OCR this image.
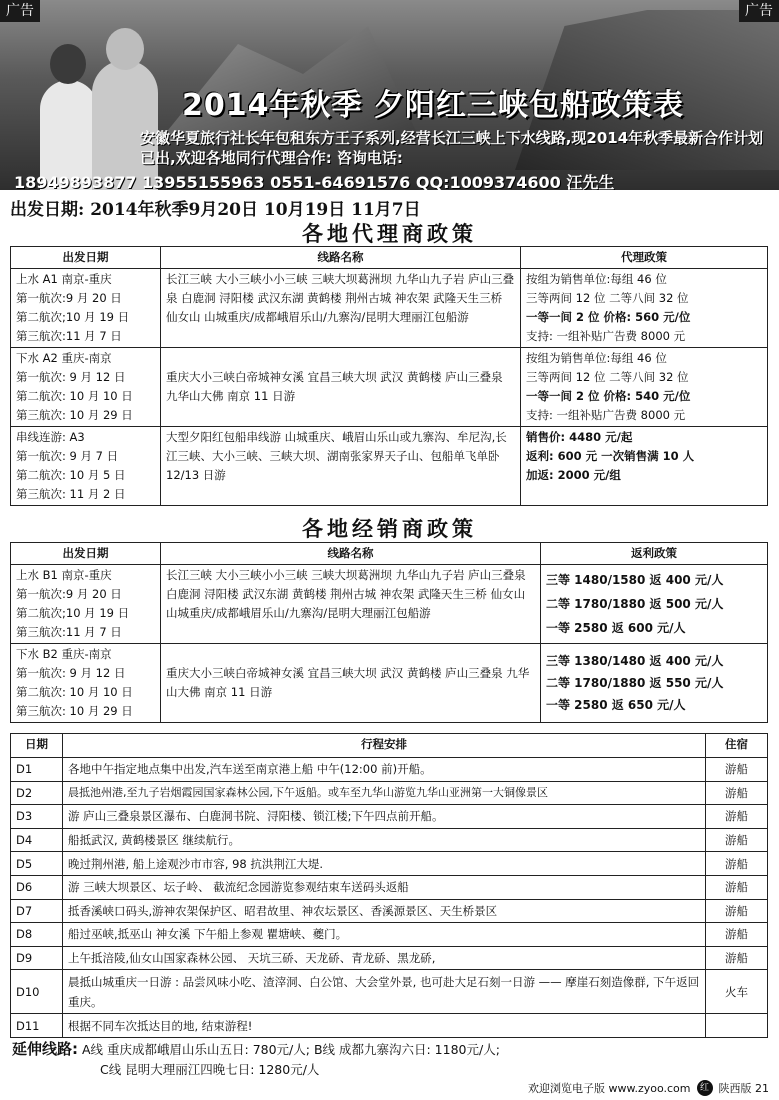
2014年秋季 夕阳红三峡包船政策表
安徽华夏旅行社长年包租东方王子系列,经营长江三峡上下水线路,现2014年秋季最新合作计划已出,欢迎各地同行代理合作: 咨询电话:
18949893877 13955155963 0551-64691576 QQ:1009374600 汪先生
广告	广告
出发日期: 2014年秋季9月20日 10月19日 11月7日
各地代理商政策
出发日期	线路名称	代理政策

上水 A1 南京-重庆
第一航次:9 月 20 日
第二航次;10 月 19 日
第三航次:11 月 7 日	长江三峡 大小三峡小小三峡 三峡大坝葛洲坝 九华山九子岩 庐山三叠泉 白鹿洞 浔阳楼 武汉东湖 黄鹤楼 荆州古城 神农架 武隆天生三桥 仙女山 山城重庆/成都峨眉乐山/九寨沟/昆明大理丽江包船游	按组为销售单位:每组 46 位
三等两间 12 位 二等八间 32 位
一等一间 2 位 价格: 560 元/位
支持: 一组补贴广告费 8000 元

下水 A2 重庆-南京
第一航次: 9 月 12 日
第二航次: 10 月 10 日
第三航次: 10 月 29 日	重庆大小三峡白帝城神女溪 宜昌三峡大坝 武汉 黄鹤楼 庐山三叠泉 九华山大佛 南京 11 日游	按组为销售单位:每组 46 位
三等两间 12 位 二等八间 32 位
一等一间 2 位 价格: 540 元/位
支持: 一组补贴广告费 8000 元

串线连游: A3
第一航次: 9 月 7 日
第二航次: 10 月 5 日
第三航次: 11 月 2 日	大型夕阳红包船串线游 山城重庆、峨眉山乐山或九寨沟、牟尼沟,长江三峡、大小三峡、三峡大坝、湖南张家界天子山、包船单飞单卧 12/13 日游	销售价: 4480 元/起
返利: 600 元 一次销售满 10 人
加返: 2000 元/组
各地经销商政策
出发日期	线路名称	返利政策

上水 B1 南京-重庆
第一航次:9 月 20 日
第二航次;10 月 19 日
第三航次:11 月 7 日	长江三峡 大小三峡小小三峡 三峡大坝葛洲坝 九华山九子岩 庐山三叠泉 白鹿洞 浔阳楼 武汉东湖 黄鹤楼 荆州古城 神农架 武隆天生三桥 仙女山 山城重庆/成都峨眉乐山/九寨沟/昆明大理丽江包船游	三等 1480/1580 返 400 元/人
二等 1780/1880 返 500 元/人
一等 2580 返 600 元/人

下水 B2 重庆-南京
第一航次: 9 月 12 日
第二航次: 10 月 10 日
第三航次: 10 月 29 日	重庆大小三峡白帝城神女溪 宜昌三峡大坝 武汉 黄鹤楼 庐山三叠泉 九华山大佛 南京 11 日游	三等 1380/1480 返 400 元/人
二等 1780/1880 返 550 元/人
一等 2580 返 650 元/人
日期	行程安排	住宿
D1	各地中午指定地点集中出发,汽车送至南京港上船 中午(12:00 前)开船。	游船
D2	晨抵池州港,至九子岩烟霞园国家森林公园,下午返船。或车至九华山游览九华山亚洲第一大铜像景区	游船
D3	游 庐山三叠泉景区瀑布、白鹿洞书院、浔阳楼、锁江楼;下午四点前开船。	游船
D4	船抵武汉, 黄鹤楼景区 继续航行。	游船
D5	晚过荆州港, 船上途观沙市市容, 98 抗洪荆江大堤.	游船
D6	游 三峡大坝景区、坛子岭、 截流纪念园游览参观结束车送码头返船	游船
D7	抵香溪峡口码头,游神农架保护区、昭君故里、神农坛景区、香溪源景区、天生桥景区	游船
D8	船过巫峡,抵巫山 神女溪 下午船上参观 瞿塘峡、夔门。	游船
D9	上午抵涪陵,仙女山国家森林公园、 天坑三硚、天龙硚、青龙硚、黑龙硚,	游船
D10	晨抵山城重庆一日游 : 品尝风味小吃、渣滓洞、白公馆、大会堂外景, 也可赴大足石刻一日游 —— 摩崖石刻造像群, 下午返回重庆。	火车
D11	根据不同车次抵达目的地, 结束游程!	
延伸线路: A线 重庆成都峨眉山乐山五日: 780元/人; B线 成都九寨沟六日: 1180元/人;
C线 昆明大理丽江四晚七日: 1280元/人
欢迎浏览电子版 www.zyoo.com	红 陕西版 21
